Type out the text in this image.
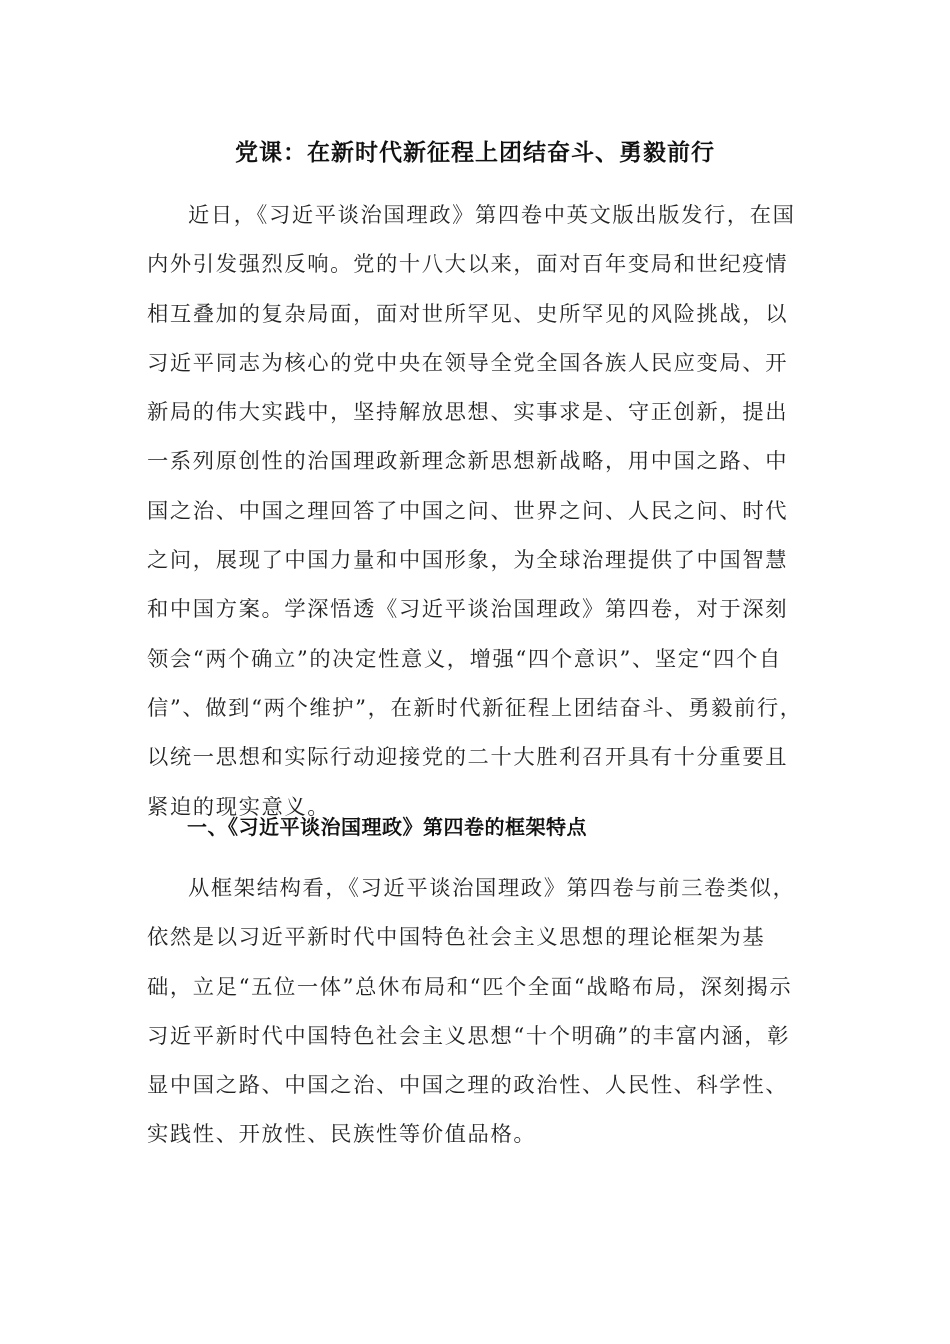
党课：在新时代新征程上团结奋斗、勇毅前行

近日，《习近平谈治国理政》第四卷中英文版出版发行，在国内外引发强烈反响。党的十八大以来，面对百年变局和世纪疫情相互叠加的复杂局面，面对世所罕见、史所罕见的风险挑战，以习近平同志为核心的党中央在领导全党全国各族人民应变局、开新局的伟大实践中，坚持解放思想、实事求是、守正创新，提出一系列原创性的治国理政新理念新思想新战略，用中国之路、中国之治、中国之理回答了中国之问、世界之问、人民之问、时代之问，展现了中国力量和中国形象，为全球治理提供了中国智慧和中国方案。学深悟透《习近平谈治国理政》第四卷，对于深刻领会“两个确立”的决定性意义，增强“四个意识”、坚定“四个自信”、做到“两个维护”，在新时代新征程上团结奋斗、勇毅前行，以统一思想和实际行动迎接党的二十大胜利召开具有十分重要且紧迫的现实意义。

一、《习近平谈治国理政》第四卷的框架特点

从框架结构看，《习近平谈治国理政》第四卷与前三卷类似，依然是以习近平新时代中国特色社会主义思想的理论框架为基础，立足“五位一体”总休布局和“匹个全面“战略布局，深刻揭示习近平新时代中国特色社会主义思想“十个明确”的丰富内涵，彰显中国之路、中国之治、中国之理的政治性、人民性、科学性、实践性、开放性、民族性等价值品格。
